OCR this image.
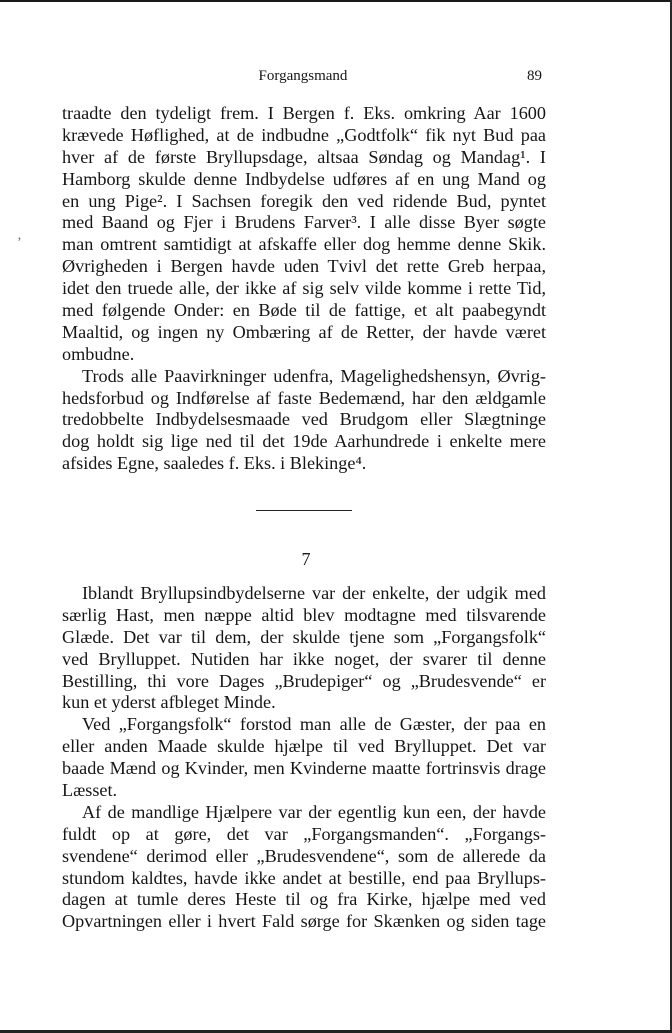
‚
Forgangsmand	89
traadte den tydeligt frem. I Bergen f. Eks. omkring Aar 1600
krævede Høflighed, at de indbudne „Godtfolk“ fik nyt Bud paa
hver af de første Bryllupsdage, altsaa Søndag og Mandag¹. I
Hamborg skulde denne Indbydelse udføres af en ung Mand og
en ung Pige². I Sachsen foregik den ved ridende Bud, pyntet
med Baand og Fjer i Brudens Farver³. I alle disse Byer søgte
man omtrent samtidigt at afskaffe eller dog hemme denne Skik.
Øvrigheden i Bergen havde uden Tvivl det rette Greb herpaa,
idet den truede alle, der ikke af sig selv vilde komme i rette Tid,
med følgende Onder: en Bøde til de fattige, et alt paabegyndt
Maaltid, og ingen ny Ombæring af de Retter, der havde været
ombudne.
Trods alle Paavirkninger udenfra, Magelighedshensyn, Øvrig-
hedsforbud og Indførelse af faste Bedemænd, har den ældgamle
tredobbelte Indbydelsesmaade ved Brudgom eller Slægtninge
dog holdt sig lige ned til det 19de Aarhundrede i enkelte mere
afsides Egne, saaledes f. Eks. i Blekinge⁴.
7
Iblandt Bryllupsindbydelserne var der enkelte, der udgik med
særlig Hast, men næppe altid blev modtagne med tilsvarende
Glæde. Det var til dem, der skulde tjene som „Forgangsfolk“
ved Brylluppet. Nutiden har ikke noget, der svarer til denne
Bestilling, thi vore Dages „Brudepiger“ og „Brudesvende“ er
kun et yderst afbleget Minde.
Ved „Forgangsfolk“ forstod man alle de Gæster, der paa en
eller anden Maade skulde hjælpe til ved Brylluppet. Det var
baade Mænd og Kvinder, men Kvinderne maatte fortrinsvis drage
Læsset.
Af de mandlige Hjælpere var der egentlig kun een, der havde
fuldt op at gøre, det var „Forgangsmanden“. „Forgangs-
svendene“ derimod eller „Brudesvendene“, som de allerede da
stundom kaldtes, havde ikke andet at bestille, end paa Bryllups-
dagen at tumle deres Heste til og fra Kirke, hjælpe med ved
Opvartningen eller i hvert Fald sørge for Skænken og siden tage
